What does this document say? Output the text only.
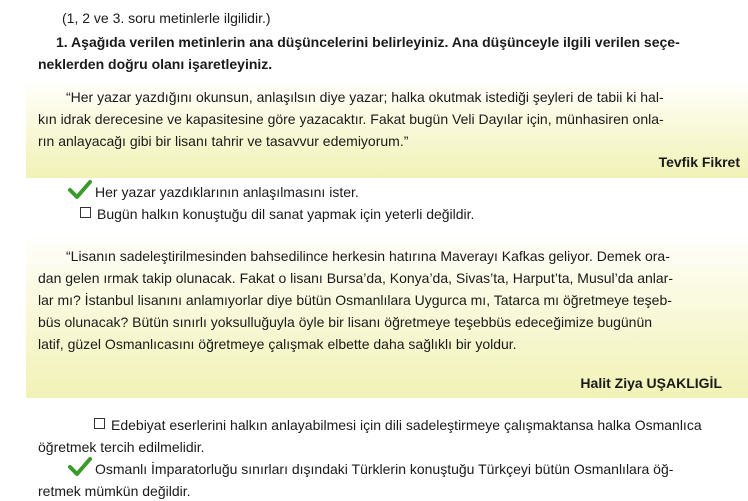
(1, 2 ve 3. soru metinlerle ilgilidir.)
1. Aşağıda verilen metinlerin ana düşüncelerini belirleyiniz. Ana düşünceyle ilgili verilen seçe-
neklerden doğru olanı işaretleyiniz.
“Her yazar yazdığını okunsun, anlaşılsın diye yazar; halka okutmak istediği şeyleri de tabii ki hal-
kın idrak derecesine ve kapasitesine göre yazacaktır. Fakat bugün Veli Dayılar için, münhasiren onla-
rın anlayacağı gibi bir lisanı tahrir ve tasavvur edemiyorum.”
Tevfik Fikret
Her yazar yazdıklarının anlaşılmasını ister.
Bugün halkın konuştuğu dil sanat yapmak için yeterli değildir.
“Lisanın sadeleştirilmesinden bahsedilince herkesin hatırına Maverayı Kafkas geliyor. Demek ora-
dan gelen ırmak takip olunacak. Fakat o lisanı Bursa’da, Konya’da, Sivas’ta, Harput’ta, Musul’da anlar-
lar mı? İstanbul lisanını anlamıyorlar diye bütün Osmanlılara Uygurca mı, Tatarca mı öğretmeye teşeb-
büs olunacak? Bütün sınırlı yoksulluğuyla öyle bir lisanı öğretmeye teşebbüs edeceğimize bugünün
latif, güzel Osmanlıcasını öğretmeye çalışmak elbette daha sağlıklı bir yoldur.
Halit Ziya UŞAKLIGİL
Edebiyat eserlerini halkın anlayabilmesi için dili sadeleştirmeye çalışmaktansa halka Osmanlıca
öğretmek tercih edilmelidir.
Osmanlı İmparatorluğu sınırları dışındaki Türklerin konuştuğu Türkçeyi bütün Osmanlılara öğ-
retmek mümkün değildir.
